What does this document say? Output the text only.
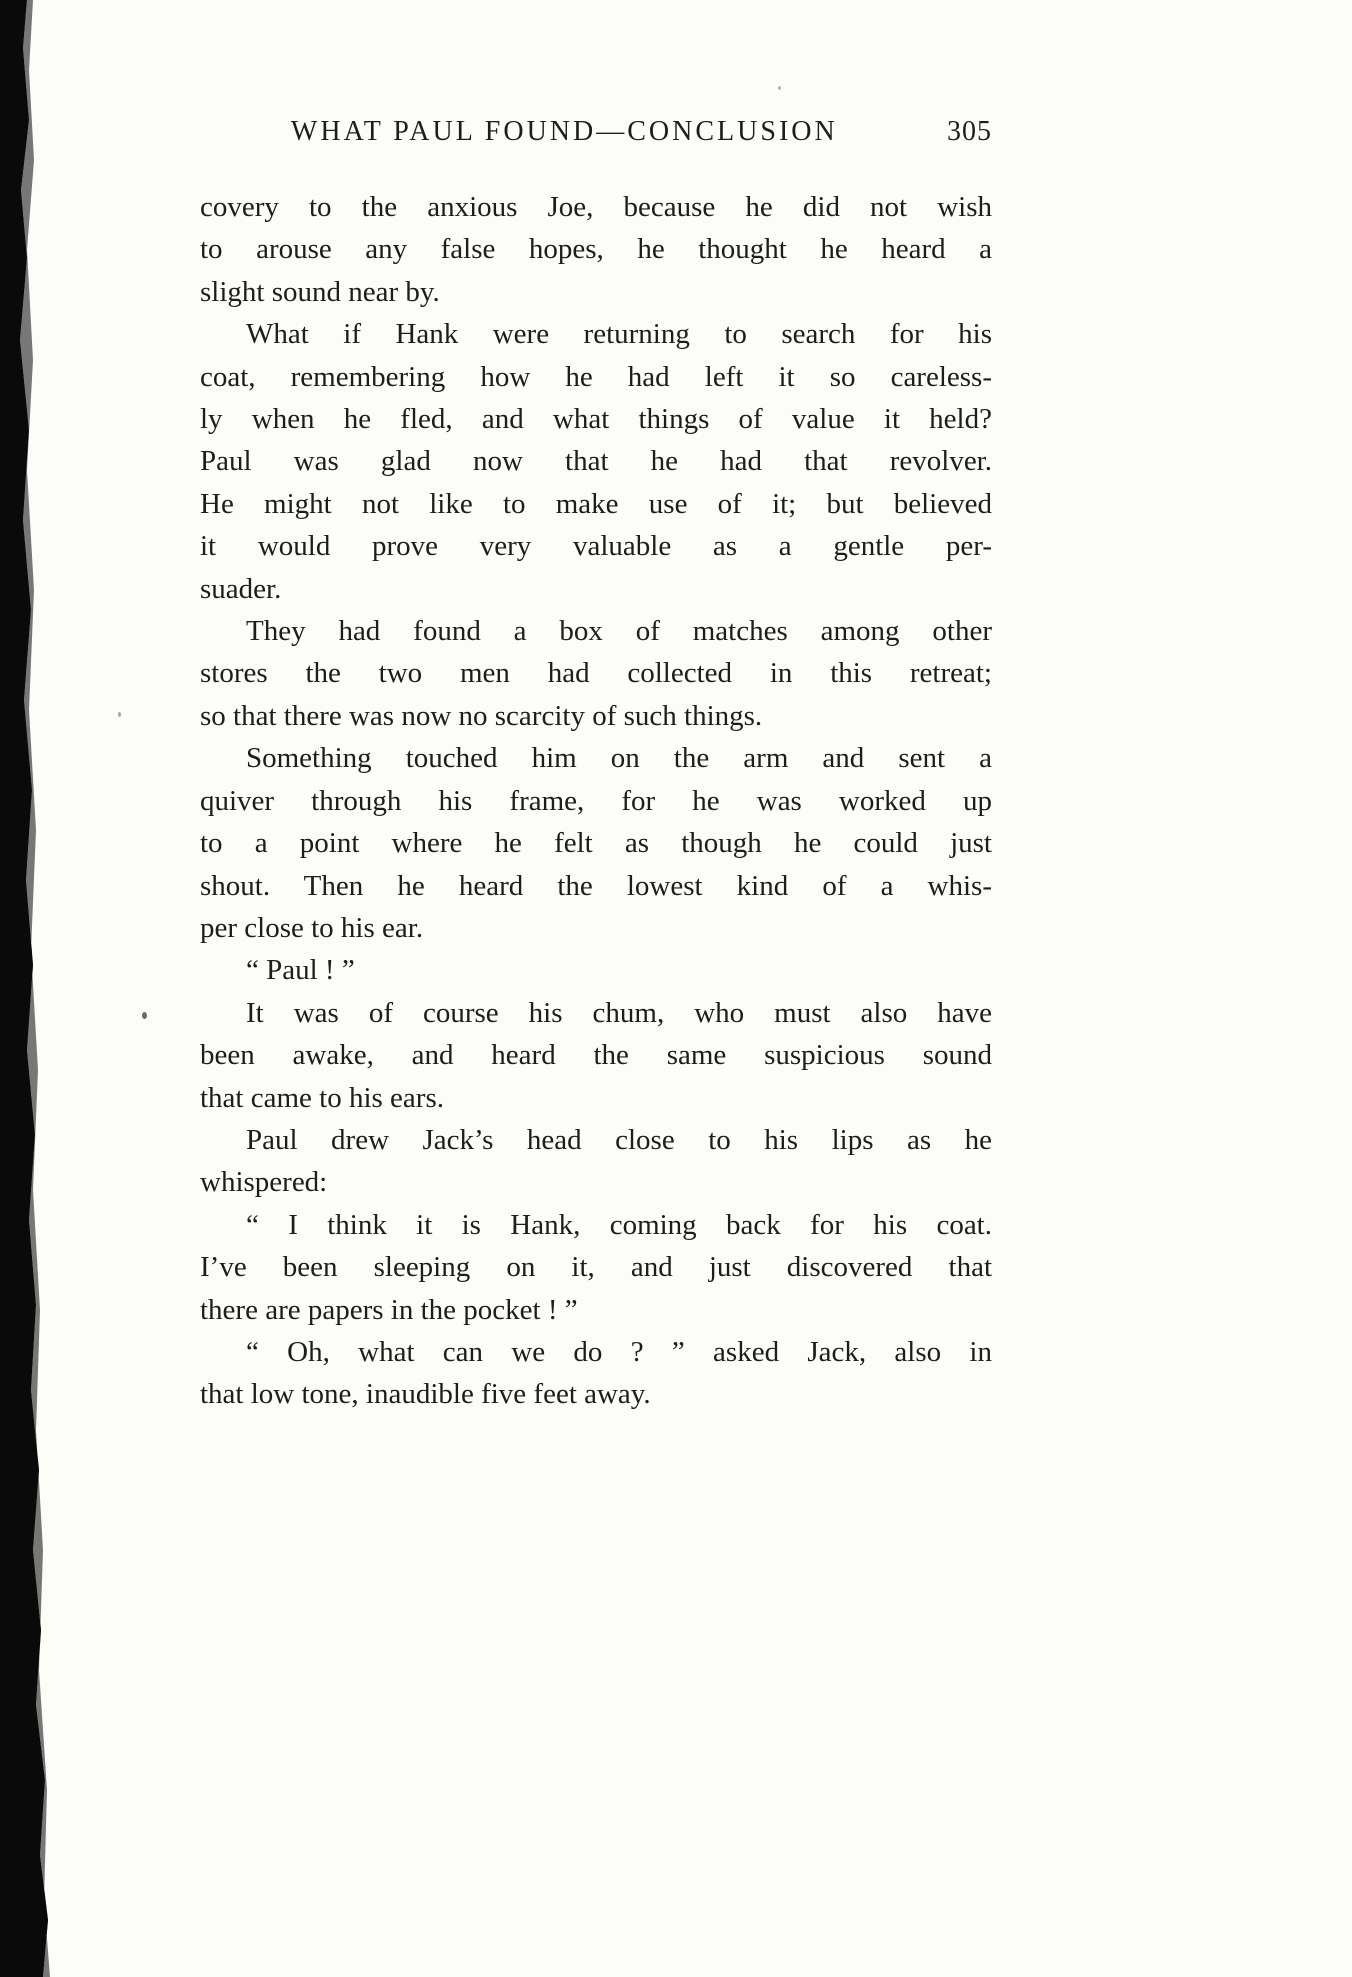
WHAT PAUL FOUND—CONCLUSION	305
covery to the anxious Joe, because he did not wish
to arouse any false hopes, he thought he heard a
slight sound near by.
What if Hank were returning to search for his
coat, remembering how he had left it so careless-
ly when he fled, and what things of value it held?
Paul was glad now that he had that revolver.
He might not like to make use of it; but believed
it would prove very valuable as a gentle per-
suader.
They had found a box of matches among other
stores the two men had collected in this retreat;
so that there was now no scarcity of such things.
Something touched him on the arm and sent a
quiver through his frame, for he was worked up
to a point where he felt as though he could just
shout. Then he heard the lowest kind of a whis-
per close to his ear.
“ Paul ! ”
It was of course his chum, who must also have
been awake, and heard the same suspicious sound
that came to his ears.
Paul drew Jack’s head close to his lips as he
whispered:
“ I think it is Hank, coming back for his coat.
I’ve been sleeping on it, and just discovered that
there are papers in the pocket ! ”
“ Oh, what can we do ? ” asked Jack, also in
that low tone, inaudible five feet away.
